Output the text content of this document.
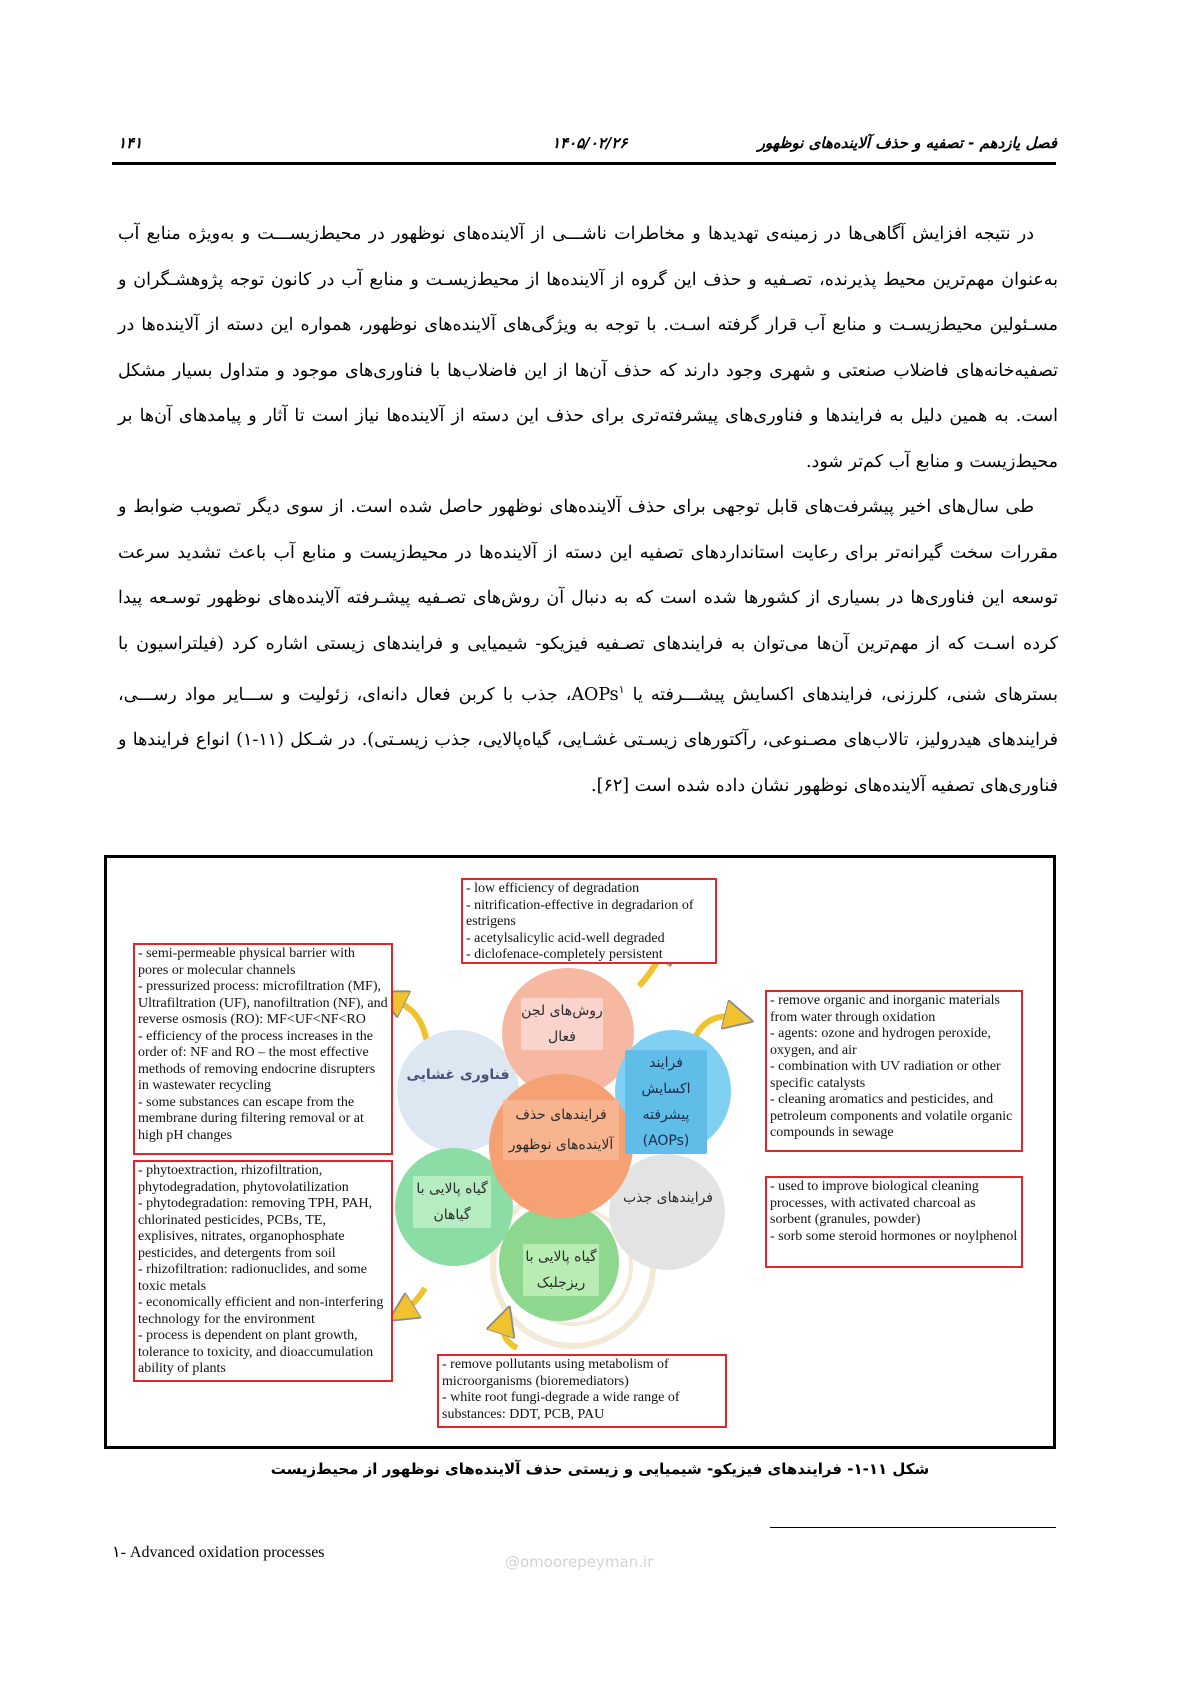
۱۴۱	۱۴۰۵/۰۲/۲۶	فصل یازدهم - تصفیه و حذف آلاینده‌های نوظهور

در نتیجه افزایش آگاهی‌ها در زمینه‌ی تهدیدها و مخاطرات ناشـــی از آلاینده‌های نوظهور در محیط‌زیســـت و به‌ویژه منابع آب به‌عنوان مهم‌ترین محیط پذیرنده، تصـفیه و حذف این گروه از آلاینده‌ها از محیط‌زیسـت و منابع آب در کانون توجه پژوهشـگران و مسـئولین محیط‌زیسـت و منابع آب قرار گرفته اسـت. با توجه به ویژگی‌های آلاینده‌های نوظهور، همواره این دسته از آلاینده‌ها در تصفیه‌خانه‌های فاضلاب صنعتی و شهری وجود دارند که حذف آن‌ها از این فاضلاب‌ها با فناوری‌های موجود و متداول بسیار مشکل است. به همین دلیل به فرایندها و فناوری‌های پیشرفته‌تری برای حذف این دسته از آلاینده‌ها نیاز است تا آثار و پیامدهای آن‌ها بر محیط‌زیست و منابع آب کم‌تر شود.

طی سال‌های اخیر پیشرفت‌های قابل توجهی برای حذف آلاینده‌های نوظهور حاصل شده است. از سوی دیگر تصویب ضوابط و مقررات سخت گیرانه‌تر برای رعایت استانداردهای تصفیه این دسته از آلاینده‌ها در محیط‌زیست و منابع آب باعث تشدید سرعت توسعه این فناوری‌ها در بسیاری از کشورها شده است که به دنبال آن روش‌های تصـفیه پیشـرفته آلاینده‌های نوظهور توسـعه پیدا کرده اسـت که از مهم‌ترین آن‌ها می‌توان به فرایندهای تصـفیه فیزیکو- شیمیایی و فرایندهای زیستی اشاره کرد (فیلتراسیون با بسترهای شنی، کلرزنی، فرایندهای اکسایش پیشـــرفته یا AOPs$^۱$، جذب با کربن فعال دانه‌ای، زئولیت و ســـایر مواد رســـی، فرایندهای هیدرولیز، تالاب‌های مصـنوعی، رآکتورهای زیسـتی غشـایی، گیاه‌پالایی، جذب زیسـتی). در شـکل (۱۱-۱) انواع فرایندها و فناوری‌های تصفیه آلاینده‌های نوظهور نشان داده شده است [۶۲].

فناوری غشایی
روش‌های لجن فعال
فرایند اکسایش پیشرفته (AOPs)
فرایندهای جذب
گیاه پالایی با گیاهان
گیاه پالایی با ریزجلبک
فرایندهای حذف آلاینده‌های نوظهور
- low efficiency of degradation
- nitrification-effective in degradarion of estrigens
- acetylsalicylic acid-well degraded
- diclofenace-completely persistent
- semi-permeable physical barrier with pores or molecular channels
- pressurized process: microfiltration (MF), Ultrafiltration (UF), nanofiltration (NF), and reverse osmosis (RO): MF<UF<NF<RO
- efficiency of the process increases in the order of: NF and RO – the most effective methods of removing endocrine disrupters in wastewater recycling
- some substances can escape from the membrane during filtering removal or at high pH changes
- remove organic and inorganic materials from water through oxidation
- agents: ozone and hydrogen peroxide, oxygen, and air
- combination with UV radiation or other specific catalysts
- cleaning aromatics and pesticides, and petroleum components and volatile organic compounds in sewage
- phytoextraction, rhizofiltration, phytodegradation, phytovolatilization
- phytodegradation: removing TPH, PAH, chlorinated pesticides, PCBs, TE, explisives, nitrates, organophosphate pesticides, and detergents from soil
- rhizofiltration: radionuclides, and some toxic metals
- economically efficient and non-interfering technology for the environment
- process is dependent on plant growth, tolerance to toxicity, and dioaccumulation ability of plants
- used to improve biological cleaning processes, with activated charcoal as sorbent (granules, powder)
- sorb some steroid hormones or noylphenol
- remove pollutants using metabolism of microorganisms (bioremediators)
- white root fungi-degrade a wide range of substances: DDT, PCB, PAU
شکل ۱۱-۱- فرایندهای فیزیکو- شیمیایی و زیستی حذف آلاینده‌های نوظهور از محیط‌زیست
۱- Advanced oxidation processes
@omoorepeyman.ir
